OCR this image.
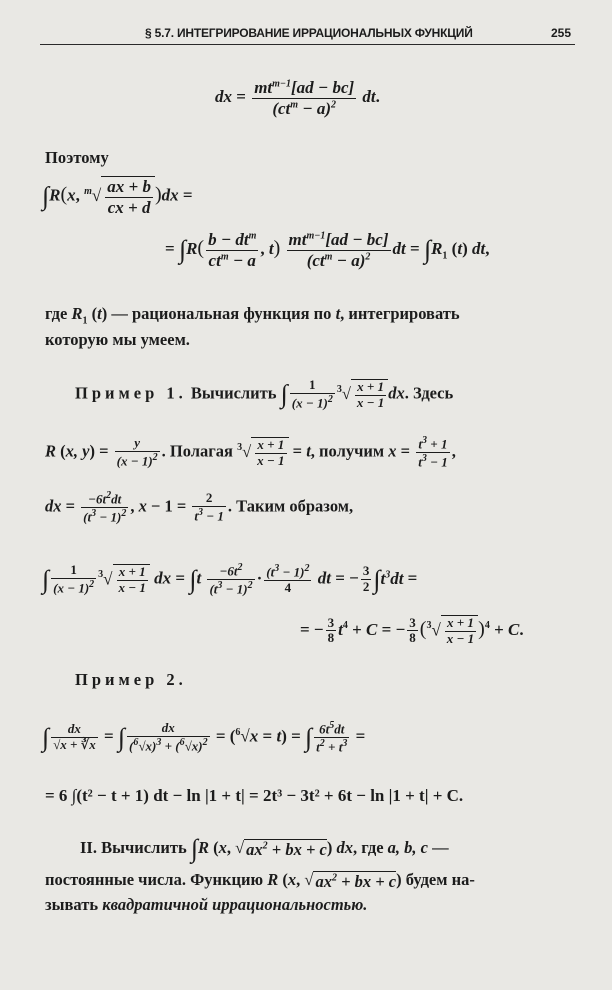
§ 5.7. ИНТЕГРИРОВАНИЕ ИРРАЦИОНАЛЬНЫХ ФУНКЦИЙ	255
dx = $\frac{mt^{m-1}[ad - bc]}{(ct^m - a)^2}$ dt.
Поэтому
∫R(x, $^m√ \frac{ax + b}{cx + d} )dx$ =
= $\int R( \frac{b - dt^m}{ct^m - a}$ , $t) \frac{mt^{m-1}[ad - bc]}{(ct^m - a)^2}$ dt = $\int R_1$ (t) dt,
где $R_1$ (t) — рациональная функция по t, интегрировать
которую мы умеем.
Пример 1. Вычислить ∫ $\frac{1}{(x - 1)^2} ^3√ \frac{x + 1}{x - 1}$ dx. Здесь
R (x, $y) = \frac{y}{(x - 1)^2}$ . Полагая $^3√ \frac{x + 1}{x - 1} = t$, получим $x = \frac{t^3 + 1}{t^3 - 1}$ ,
dx = $\frac{-6t^2dt}{(t^3 - 1)^2}$ , $x - 1 = \frac{2}{t^3 - 1}$ . Таким образом,
∫ $\frac{1}{(x - 1)^2} ^3√ \frac{x + 1}{x - 1}$ dx = $\int t \frac{-6t^2}{(t^3 - 1)^2} \cdot \frac{(t^3 - 1)^2}{4}$ dt = − $\frac{3}{2} \int t^3dt$ =
= − $\frac{3}{8} t^4 + C$ = − $\frac{3}{8} (^3√ \frac{x + 1}{x - 1} )^4 + C$.
Пример 2.
∫ $\frac{dx}{√x + ∛x}$ = ∫ $\frac{dx}{(^6√x)^3 + (^6√x)^2} = (^6√x = t)$ = ∫ $\frac{6t^5dt}{t^2 + t^3}$ =
= 6 ∫(t² − t + 1) dt − ln |1 + t| = 2t³ − 3t² + 6t − ln |1 + t| + C.
II. Вычислить ∫R (x, √ $ax^2$ + bx + c) dx, где a, b, c —
постоянные числа. Функцию R (x, √ $ax^2$ + bx + c) будем на-
зывать квадратичной иррациональностью.
